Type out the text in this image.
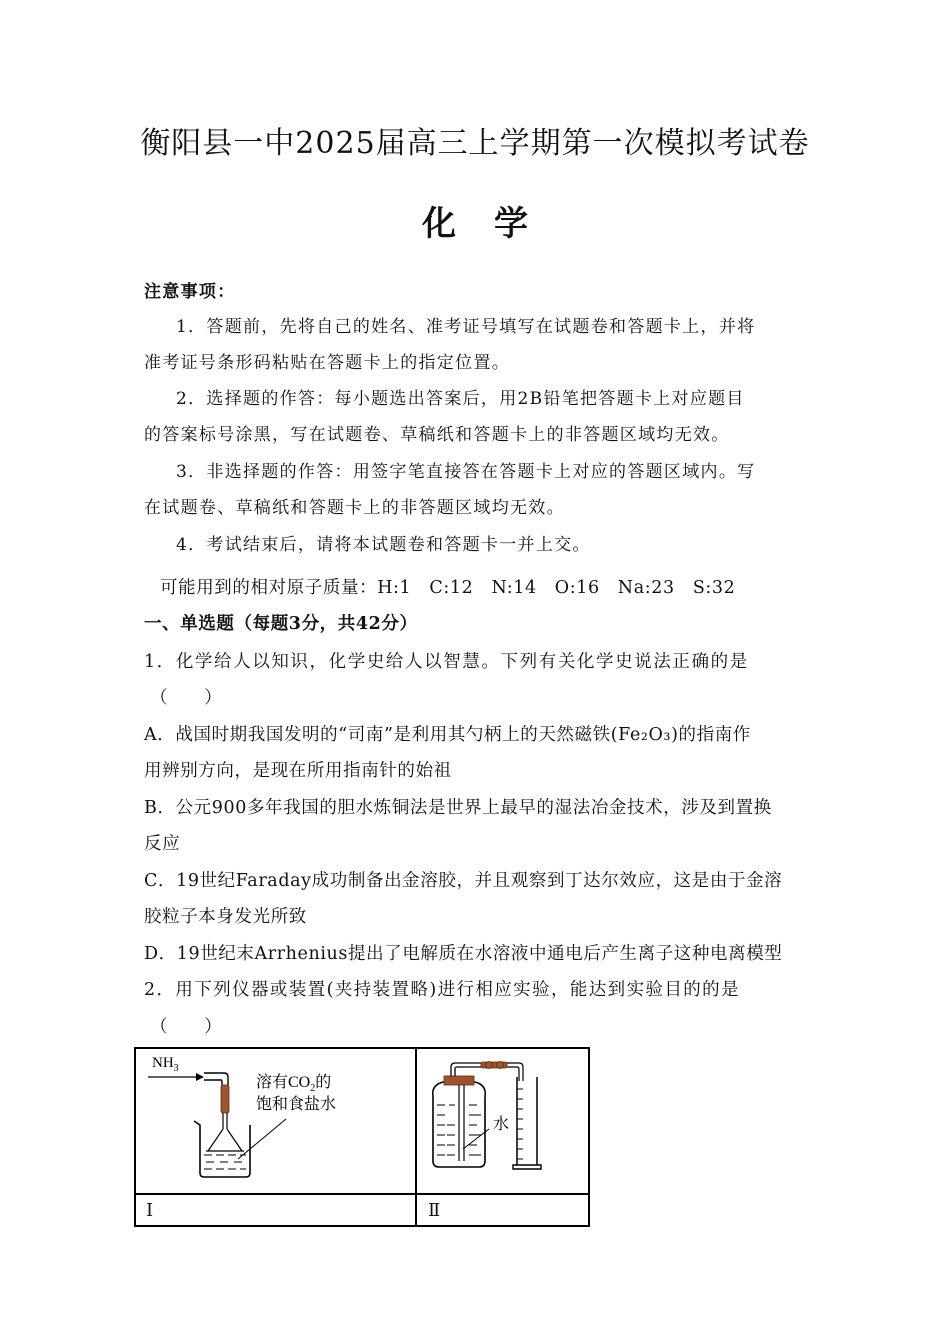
衡阳县一中2025届高三上学期第一次模拟考试卷
化学
注意事项：
1．答题前，先将自己的姓名、准考证号填写在试题卷和答题卡上，并将
准考证号条形码粘贴在答题卡上的指定位置。
2．选择题的作答：每小题选出答案后，用2B铅笔把答题卡上对应题目
的答案标号涂黑，写在试题卷、草稿纸和答题卡上的非答题区域均无效。
3．非选择题的作答：用签字笔直接答在答题卡上对应的答题区域内。写
在试题卷、草稿纸和答题卡上的非答题区域均无效。
4．考试结束后，请将本试题卷和答题卡一并上交。
可能用到的相对原子质量：H:1　C:12　N:14　O:16　Na:23　S:32
一、单选题（每题3分，共42分）
1．化学给人以知识，化学史给人以智慧。下列有关化学史说法正确的是
（　　）
A．战国时期我国发明的“司南”是利用其勺柄上的天然磁铁(Fe₂O₃)的指南作
用辨别方向，是现在所用指南针的始祖
B．公元900多年我国的胆水炼铜法是世界上最早的湿法冶金技术，涉及到置换
反应
C．19世纪Faraday成功制备出金溶胶，并且观察到丁达尔效应，这是由于金溶
胶粒子本身发光所致
D．19世纪末Arrhenius提出了电解质在水溶液中通电后产生离子这种电离模型
2．用下列仪器或装置(夹持装置略)进行相应实验，能达到实验目的的是
（　　）
Ⅰ	Ⅱ
$NH_3$
溶有$CO_2$的
饱和食盐水
水
